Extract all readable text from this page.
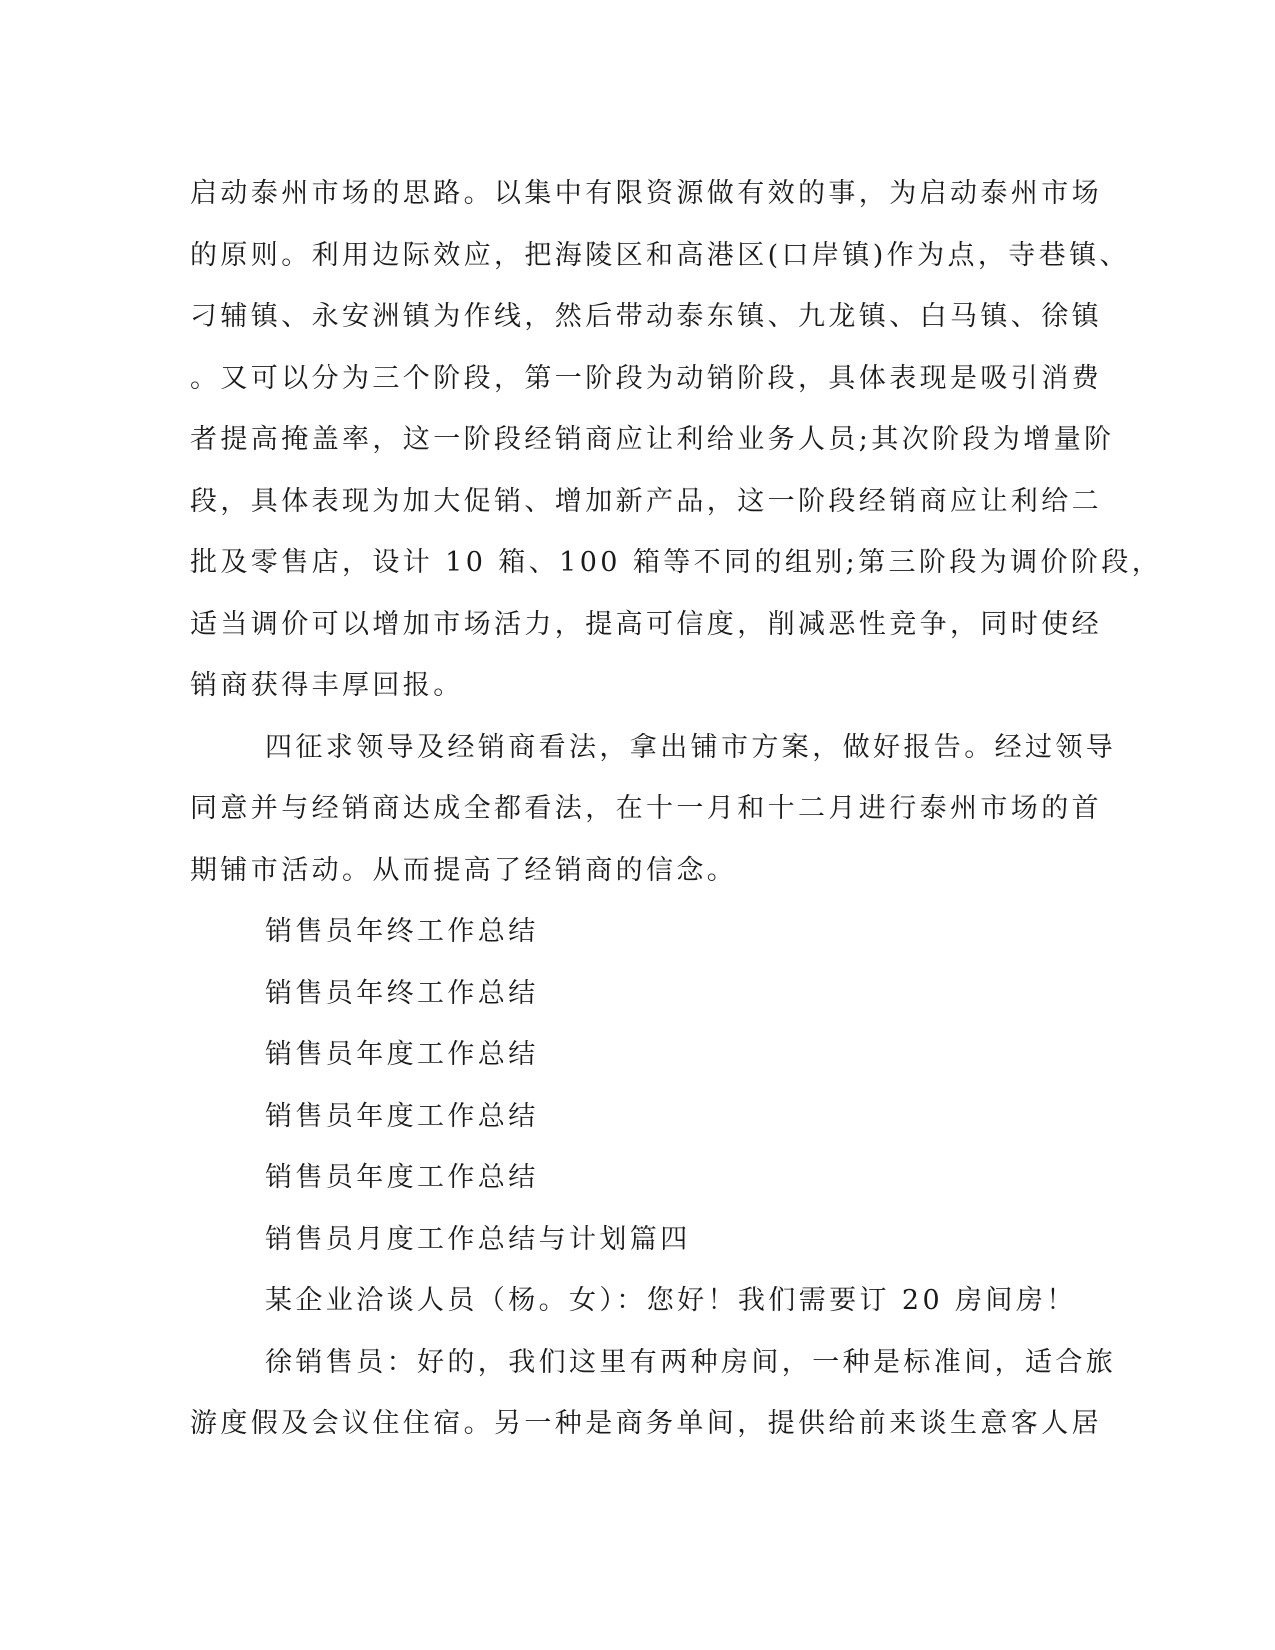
启动泰州市场的思路。以集中有限资源做有效的事，为启动泰州市场
的原则。利用边际效应，把海陵区和高港区(口岸镇)作为点，寺巷镇、
刁辅镇、永安洲镇为作线，然后带动泰东镇、九龙镇、白马镇、徐镇
。又可以分为三个阶段，第一阶段为动销阶段，具体表现是吸引消费
者提高掩盖率，这一阶段经销商应让利给业务人员;其次阶段为增量阶
段，具体表现为加大促销、增加新产品，这一阶段经销商应让利给二
批及零售店，设计 10 箱、100 箱等不同的组别;第三阶段为调价阶段，
适当调价可以增加市场活力，提高可信度，削减恶性竞争，同时使经
销商获得丰厚回报。
四征求领导及经销商看法，拿出铺市方案，做好报告。经过领导
同意并与经销商达成全都看法，在十一月和十二月进行泰州市场的首
期铺市活动。从而提高了经销商的信念。
销售员年终工作总结
销售员年终工作总结
销售员年度工作总结
销售员年度工作总结
销售员年度工作总结
销售员月度工作总结与计划篇四
某企业洽谈人员（杨。女）：您好！我们需要订 20 房间房！
徐销售员：好的，我们这里有两种房间，一种是标准间，适合旅
游度假及会议住住宿。另一种是商务单间，提供给前来谈生意客人居
